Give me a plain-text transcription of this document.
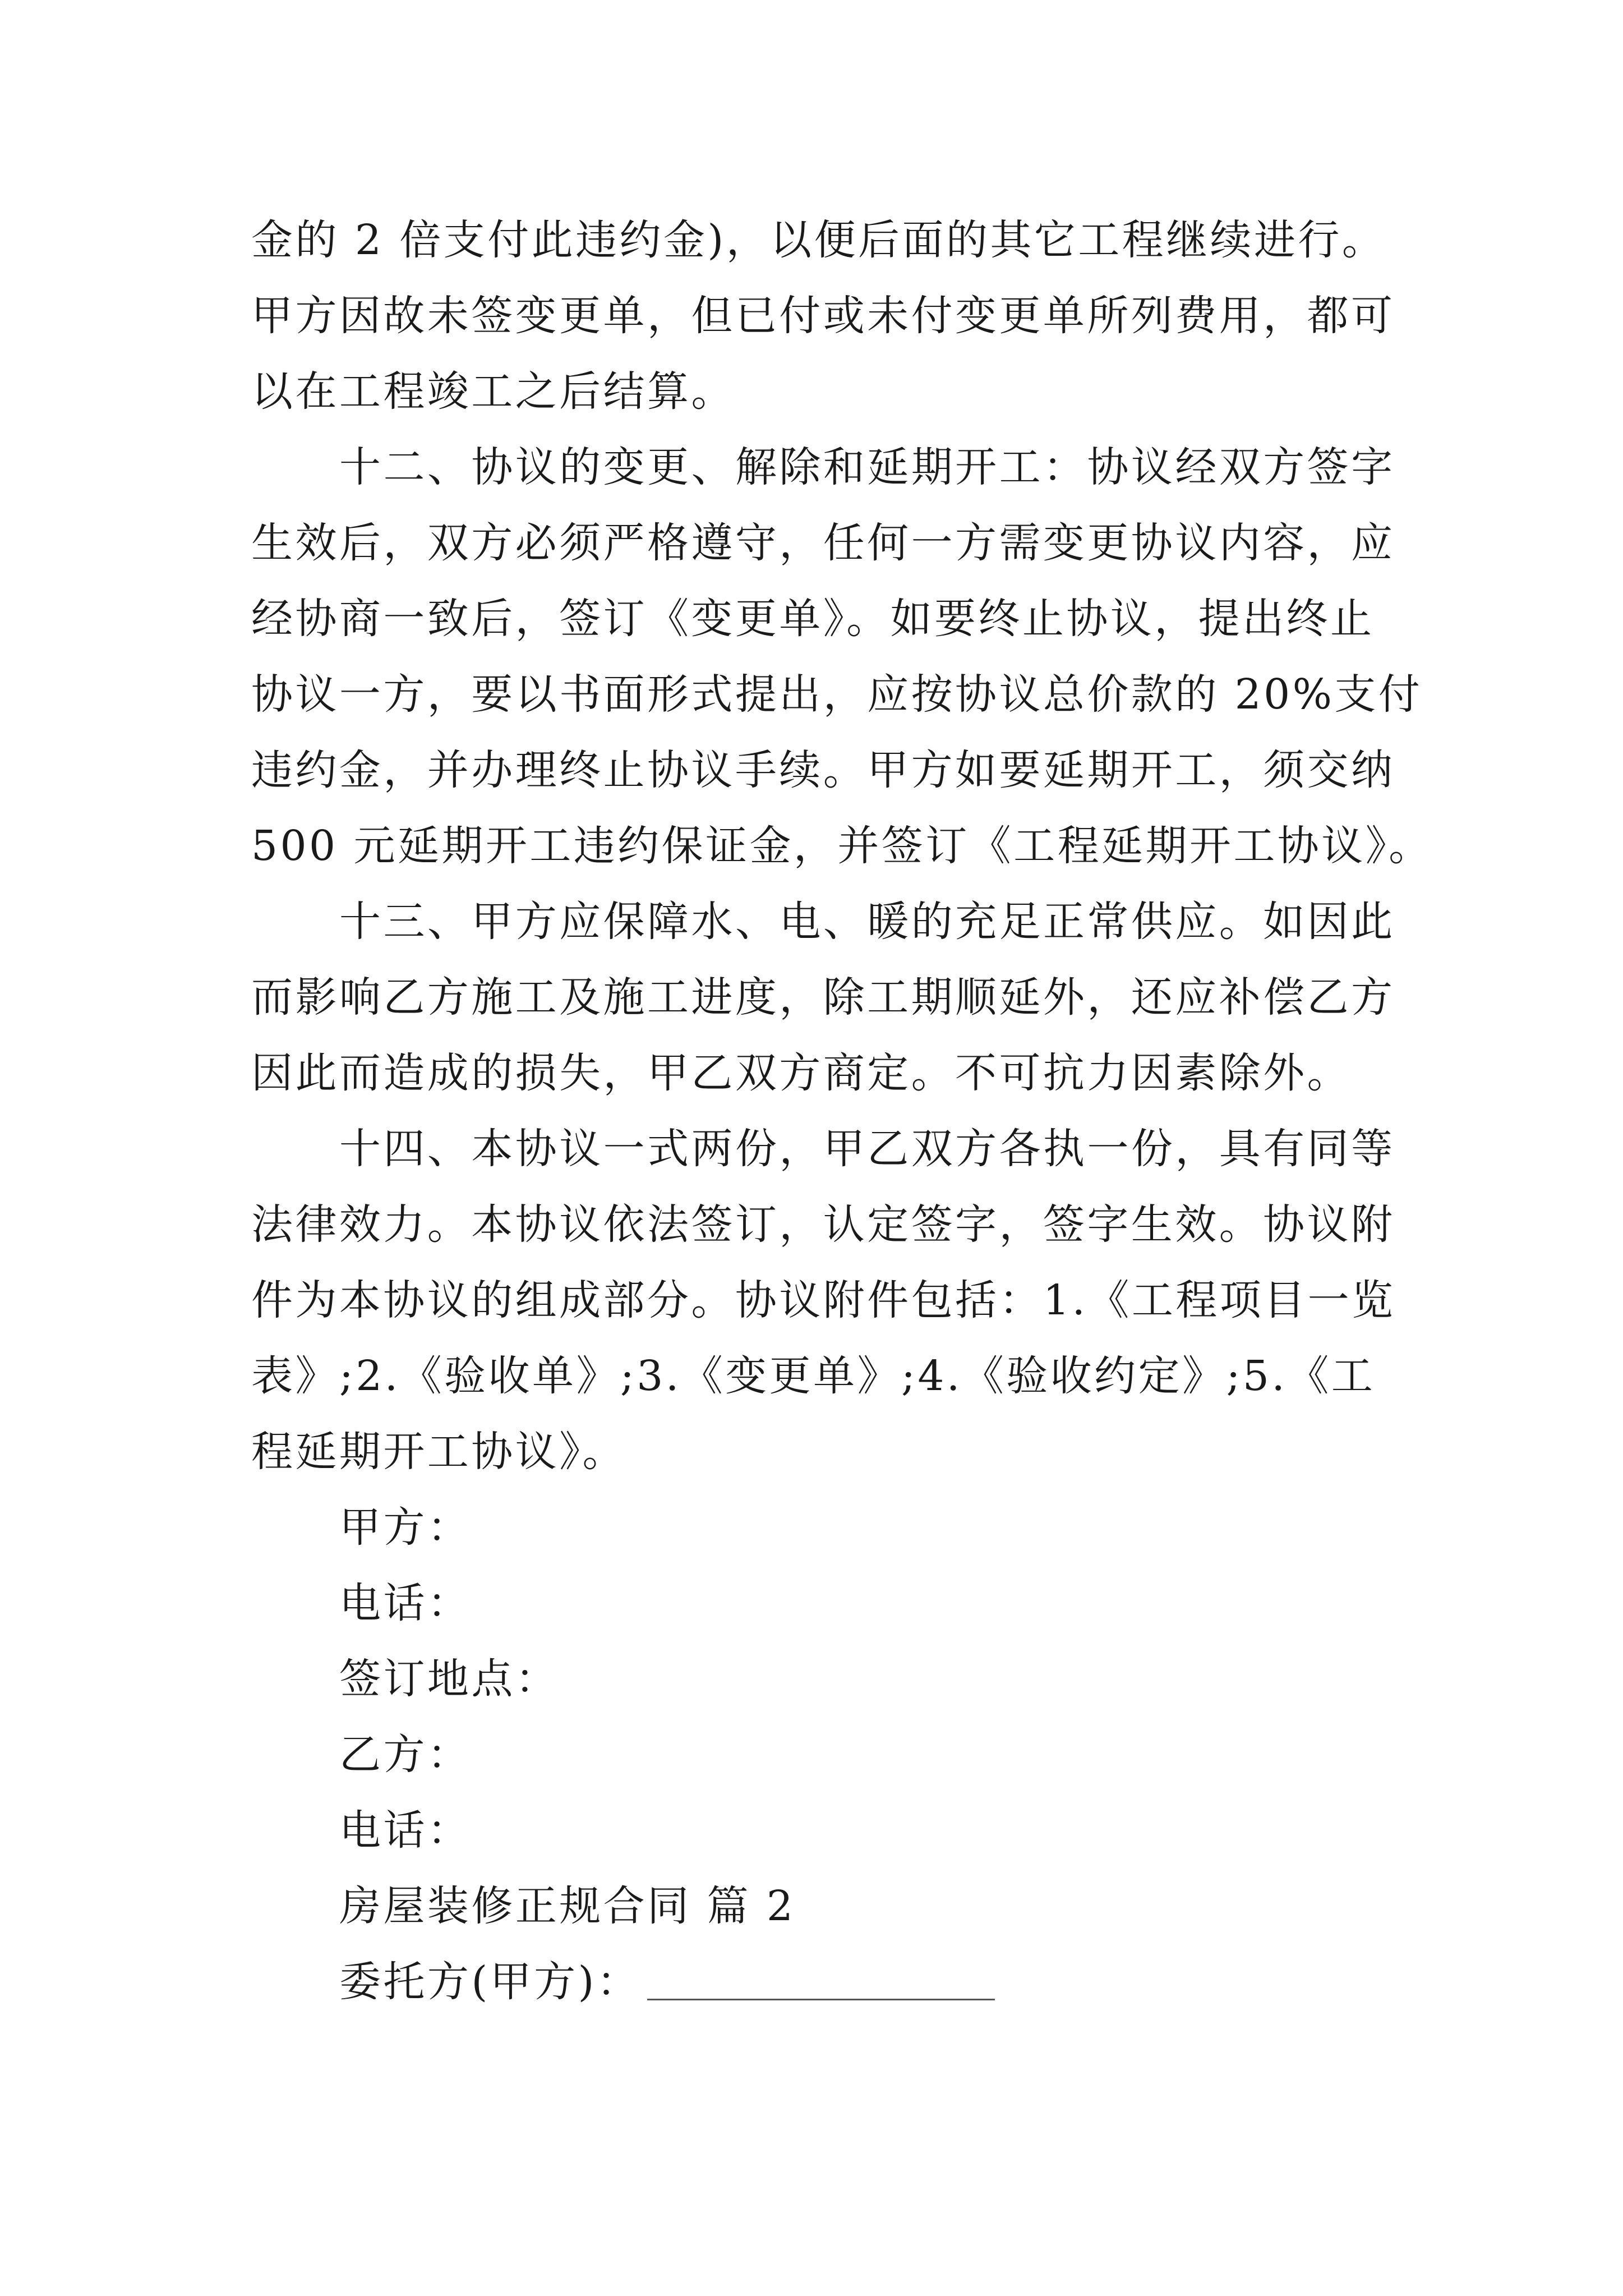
金的 2 倍支付此违约金)，以便后面的其它工程继续进行。
甲方因故未签变更单，但已付或未付变更单所列费用，都可
以在工程竣工之后结算。
十二、协议的变更、解除和延期开工：协议经双方签字
生效后，双方必须严格遵守，任何一方需变更协议内容，应
经协商一致后，签订《变更单》。如要终止协议，提出终止
协议一方，要以书面形式提出，应按协议总价款的 20%支付
违约金，并办理终止协议手续。甲方如要延期开工，须交纳
500 元延期开工违约保证金，并签订《工程延期开工协议》。
十三、甲方应保障水、电、暖的充足正常供应。如因此
而影响乙方施工及施工进度，除工期顺延外，还应补偿乙方
因此而造成的损失，甲乙双方商定。不可抗力因素除外。
十四、本协议一式两份，甲乙双方各执一份，具有同等
法律效力。本协议依法签订，认定签字，签字生效。协议附
件为本协议的组成部分。协议附件包括：1.《工程项目一览
表》;2.《验收单》;3.《变更单》;4.《验收约定》;5.《工
程延期开工协议》。
甲方：
电话：
签订地点：
乙方：
电话：
房屋装修正规合同 篇 2
委托方(甲方)：
